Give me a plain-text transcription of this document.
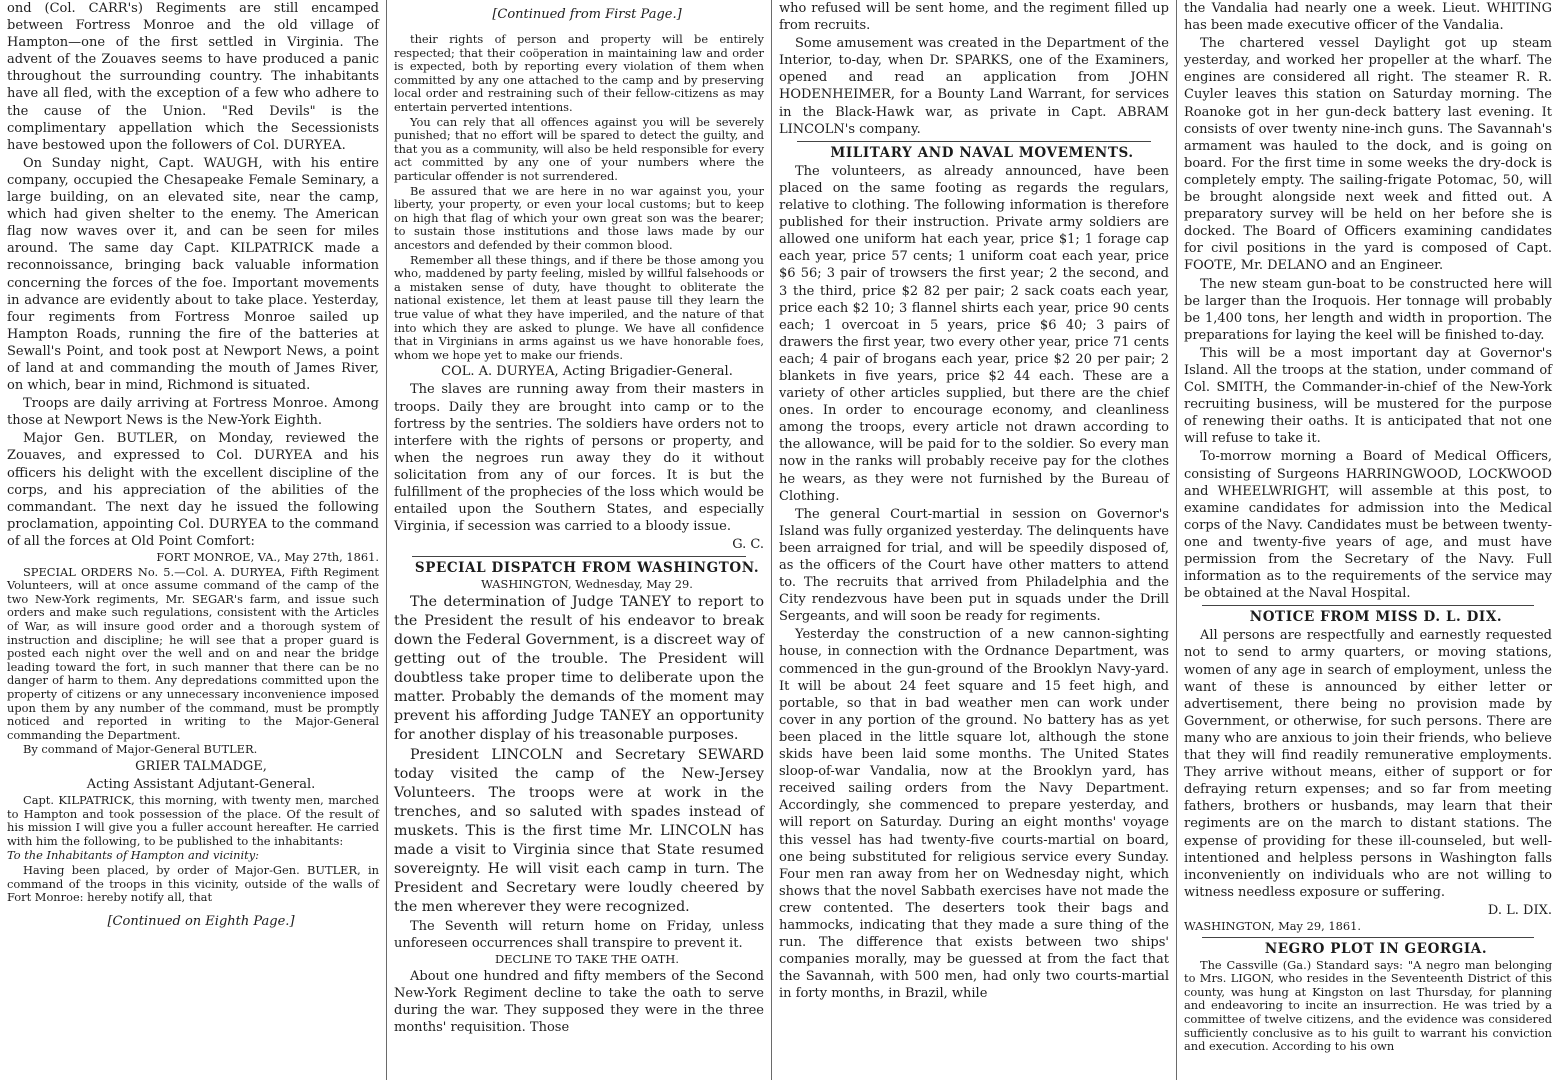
ond (Col. CARR's) Regiments are still encamped between Fortress Monroe and the old village of Hampton—one of the first settled in Virginia. The advent of the Zouaves seems to have produced a panic throughout the surrounding country. The inhabitants have all fled, with the exception of a few who adhere to the cause of the Union. "Red Devils" is the complimentary appellation which the Secessionists have bestowed upon the followers of Col. DURYEA.

On Sunday night, Capt. WAUGH, with his entire company, occupied the Chesapeake Female Seminary, a large building, on an elevated site, near the camp, which had given shelter to the enemy. The American flag now waves over it, and can be seen for miles around. The same day Capt. KILPATRICK made a reconnoissance, bringing back valuable information concerning the forces of the foe. Important movements in advance are evidently about to take place. Yesterday, four regiments from Fortress Monroe sailed up Hampton Roads, running the fire of the batteries at Sewall's Point, and took post at Newport News, a point of land at and commanding the mouth of James River, on which, bear in mind, Richmond is situated.

Troops are daily arriving at Fortress Monroe. Among those at Newport News is the New-York Eighth.

Major Gen. BUTLER, on Monday, reviewed the Zouaves, and expressed to Col. DURYEA and his officers his delight with the excellent discipline of the corps, and his appreciation of the abilities of the commandant. The next day he issued the following proclamation, appointing Col. DURYEA to the command of all the forces at Old Point Comfort:

FORT MONROE, VA., May 27th, 1861.

SPECIAL ORDERS No. 5.—Col. A. DURYEA, Fifth Regiment Volunteers, will at once assume command of the camp of the two New-York regiments, Mr. SEGAR's farm, and issue such orders and make such regulations, consistent with the Articles of War, as will insure good order and a thorough system of instruction and discipline; he will see that a proper guard is posted each night over the well and on and near the bridge leading toward the fort, in such manner that there can be no danger of harm to them. Any depredations committed upon the property of citizens or any unnecessary inconvenience imposed upon them by any number of the command, must be promptly noticed and reported in writing to the Major-General commanding the Department.

By command of Major-General BUTLER.

GRIER TALMADGE,

Acting Assistant Adjutant-General.

Capt. KILPATRICK, this morning, with twenty men, marched to Hampton and took possession of the place. Of the result of his mission I will give you a fuller account hereafter. He carried with him the following, to be published to the inhabitants:

To the Inhabitants of Hampton and vicinity:

Having been placed, by order of Major-Gen. BUTLER, in command of the troops in this vicinity, outside of the walls of Fort Monroe: hereby notify all, that

[Continued on Eighth Page.]

[Continued from First Page.]

their rights of person and property will be entirely respected; that their coöperation in maintaining law and order is expected, both by reporting every violation of them when committed by any one attached to the camp and by preserving local order and restraining such of their fellow-citizens as may entertain perverted intentions.

You can rely that all offences against you will be severely punished; that no effort will be spared to detect the guilty, and that you as a community, will also be held responsible for every act committed by any one of your numbers where the particular offender is not surrendered.

Be assured that we are here in no war against you, your liberty, your property, or even your local customs; but to keep on high that flag of which your own great son was the bearer; to sustain those institutions and those laws made by our ancestors and defended by their common blood.

Remember all these things, and if there be those among you who, maddened by party feeling, misled by willful falsehoods or a mistaken sense of duty, have thought to obliterate the national existence, let them at least pause till they learn the true value of what they have imperiled, and the nature of that into which they are asked to plunge. We have all confidence that in Virginians in arms against us we have honorable foes, whom we hope yet to make our friends.

COL. A. DURYEA, Acting Brigadier-General.

The slaves are running away from their masters in troops. Daily they are brought into camp or to the fortress by the sentries. The soldiers have orders not to interfere with the rights of persons or property, and when the negroes run away they do it without solicitation from any of our forces. It is but the fulfillment of the prophecies of the loss which would be entailed upon the Southern States, and especially Virginia, if secession was carried to a bloody issue.

G. C.

SPECIAL DISPATCH FROM WASHINGTON.

WASHINGTON, Wednesday, May 29.

The determination of Judge TANEY to report to the President the result of his endeavor to break down the Federal Government, is a discreet way of getting out of the trouble. The President will doubtless take proper time to deliberate upon the matter. Probably the demands of the moment may prevent his affording Judge TANEY an opportunity for another display of his treasonable purposes.

President LINCOLN and Secretary SEWARD today visited the camp of the New-Jersey Volunteers. The troops were at work in the trenches, and so saluted with spades instead of muskets. This is the first time Mr. LINCOLN has made a visit to Virginia since that State resumed sovereignty. He will visit each camp in turn. The President and Secretary were loudly cheered by the men wherever they were recognized.

The Seventh will return home on Friday, unless unforeseen occurrences shall transpire to prevent it.

DECLINE TO TAKE THE OATH.

About one hundred and fifty members of the Second New-York Regiment decline to take the oath to serve during the war. They supposed they were in the three months' requisition. Those

who refused will be sent home, and the regiment filled up from recruits.

Some amusement was created in the Department of the Interior, to-day, when Dr. SPARKS, one of the Examiners, opened and read an application from JOHN HODENHEIMER, for a Bounty Land Warrant, for services in the Black-Hawk war, as private in Capt. ABRAM LINCOLN's company.

MILITARY AND NAVAL MOVEMENTS.

The volunteers, as already announced, have been placed on the same footing as regards the regulars, relative to clothing. The following information is therefore published for their instruction. Private army soldiers are allowed one uniform hat each year, price $1; 1 forage cap each year, price 57 cents; 1 uniform coat each year, price $6 56; 3 pair of trowsers the first year; 2 the second, and 3 the third, price $2 82 per pair; 2 sack coats each year, price each $2 10; 3 flannel shirts each year, price 90 cents each; 1 overcoat in 5 years, price $6 40; 3 pairs of drawers the first year, two every other year, price 71 cents each; 4 pair of brogans each year, price $2 20 per pair; 2 blankets in five years, price $2 44 each. These are a variety of other articles supplied, but there are the chief ones. In order to encourage economy, and cleanliness among the troops, every article not drawn according to the allowance, will be paid for to the soldier. So every man now in the ranks will probably receive pay for the clothes he wears, as they were not furnished by the Bureau of Clothing.

The general Court-martial in session on Governor's Island was fully organized yesterday. The delinquents have been arraigned for trial, and will be speedily disposed of, as the officers of the Court have other matters to attend to. The recruits that arrived from Philadelphia and the City rendezvous have been put in squads under the Drill Sergeants, and will soon be ready for regiments.

Yesterday the construction of a new cannon-sighting house, in connection with the Ordnance Department, was commenced in the gun-ground of the Brooklyn Navy-yard. It will be about 24 feet square and 15 feet high, and portable, so that in bad weather men can work under cover in any portion of the ground. No battery has as yet been placed in the little square lot, although the stone skids have been laid some months. The United States sloop-of-war Vandalia, now at the Brooklyn yard, has received sailing orders from the Navy Department. Accordingly, she commenced to prepare yesterday, and will report on Saturday. During an eight months' voyage this vessel has had twenty-five courts-martial on board, one being substituted for religious service every Sunday. Four men ran away from her on Wednesday night, which shows that the novel Sabbath exercises have not made the crew contented. The deserters took their bags and hammocks, indicating that they made a sure thing of the run. The difference that exists between two ships' companies morally, may be guessed at from the fact that the Savannah, with 500 men, had only two courts-martial in forty months, in Brazil, while

the Vandalia had nearly one a week. Lieut. WHITING has been made executive officer of the Vandalia.

The chartered vessel Daylight got up steam yesterday, and worked her propeller at the wharf. The engines are considered all right. The steamer R. R. Cuyler leaves this station on Saturday morning. The Roanoke got in her gun-deck battery last evening. It consists of over twenty nine-inch guns. The Savannah's armament was hauled to the dock, and is going on board. For the first time in some weeks the dry-dock is completely empty. The sailing-frigate Potomac, 50, will be brought alongside next week and fitted out. A preparatory survey will be held on her before she is docked. The Board of Officers examining candidates for civil positions in the yard is composed of Capt. FOOTE, Mr. DELANO and an Engineer.

The new steam gun-boat to be constructed here will be larger than the Iroquois. Her tonnage will probably be 1,400 tons, her length and width in proportion. The preparations for laying the keel will be finished to-day.

This will be a most important day at Governor's Island. All the troops at the station, under command of Col. SMITH, the Commander-in-chief of the New-York recruiting business, will be mustered for the purpose of renewing their oaths. It is anticipated that not one will refuse to take it.

To-morrow morning a Board of Medical Officers, consisting of Surgeons HARRINGWOOD, LOCKWOOD and WHEELWRIGHT, will assemble at this post, to examine candidates for admission into the Medical corps of the Navy. Candidates must be between twenty-one and twenty-five years of age, and must have permission from the Secretary of the Navy. Full information as to the requirements of the service may be obtained at the Naval Hospital.

NOTICE FROM MISS D. L. DIX.

All persons are respectfully and earnestly requested not to send to army quarters, or moving stations, women of any age in search of employment, unless the want of these is announced by either letter or advertisement, there being no provision made by Government, or otherwise, for such persons. There are many who are anxious to join their friends, who believe that they will find readily remunerative employments. They arrive without means, either of support or for defraying return expenses; and so far from meeting fathers, brothers or husbands, may learn that their regiments are on the march to distant stations. The expense of providing for these ill-counseled, but well-intentioned and helpless persons in Washington falls inconveniently on individuals who are not willing to witness needless exposure or suffering.

D. L. DIX.

WASHINGTON, May 29, 1861.

NEGRO PLOT IN GEORGIA.

The Cassville (Ga.) Standard says: "A negro man belonging to Mrs. LIGON, who resides in the Seventeenth District of this county, was hung at Kingston on last Thursday, for planning and endeavoring to incite an insurrection. He was tried by a committee of twelve citizens, and the evidence was considered sufficiently conclusive as to his guilt to warrant his conviction and execution. According to his own
